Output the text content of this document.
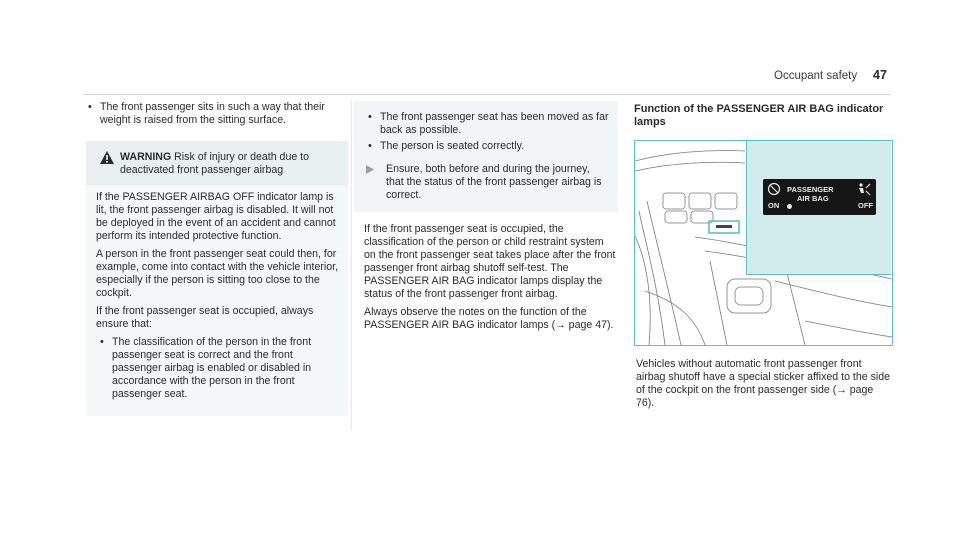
Occupant safety 47

• The front passenger sits in such a way that their weight is raised from the sitting surface.

WARNING Risk of injury or death due to deactivated front passenger airbag

If the PASSENGER AIRBAG OFF indicator lamp is lit, the front passenger airbag is disabled. It will not be deployed in the event of an accident and cannot perform its intended protective function.

A person in the front passenger seat could then, for example, come into contact with the vehicle interior, especially if the person is sitting too close to the cockpit.

If the front passenger seat is occupied, always ensure that:

• The classification of the person in the front passenger seat is correct and the front passenger airbag is enabled or disabled in accordance with the person in the front passenger seat.

• The front passenger seat has been moved as far back as possible.

• The person is seated correctly.

Ensure, both before and during the journey, that the status of the front passenger airbag is correct.

If the front passenger seat is occupied, the classification of the person or child restraint system on the front passenger seat takes place after the front passenger front airbag shutoff self-test. The PASSENGER AIR BAG indicator lamps display the status of the front passenger front airbag.

Always observe the notes on the function of the PASSENGER AIR BAG indicator lamps (→ page 47).

Function of the PASSENGER AIR BAG indicator lamps
PASSENGER
AIR BAG
ON	OFF

Vehicles without automatic front passenger front airbag shutoff have a special sticker affixed to the side of the cockpit on the front passenger side (→ page 76).
